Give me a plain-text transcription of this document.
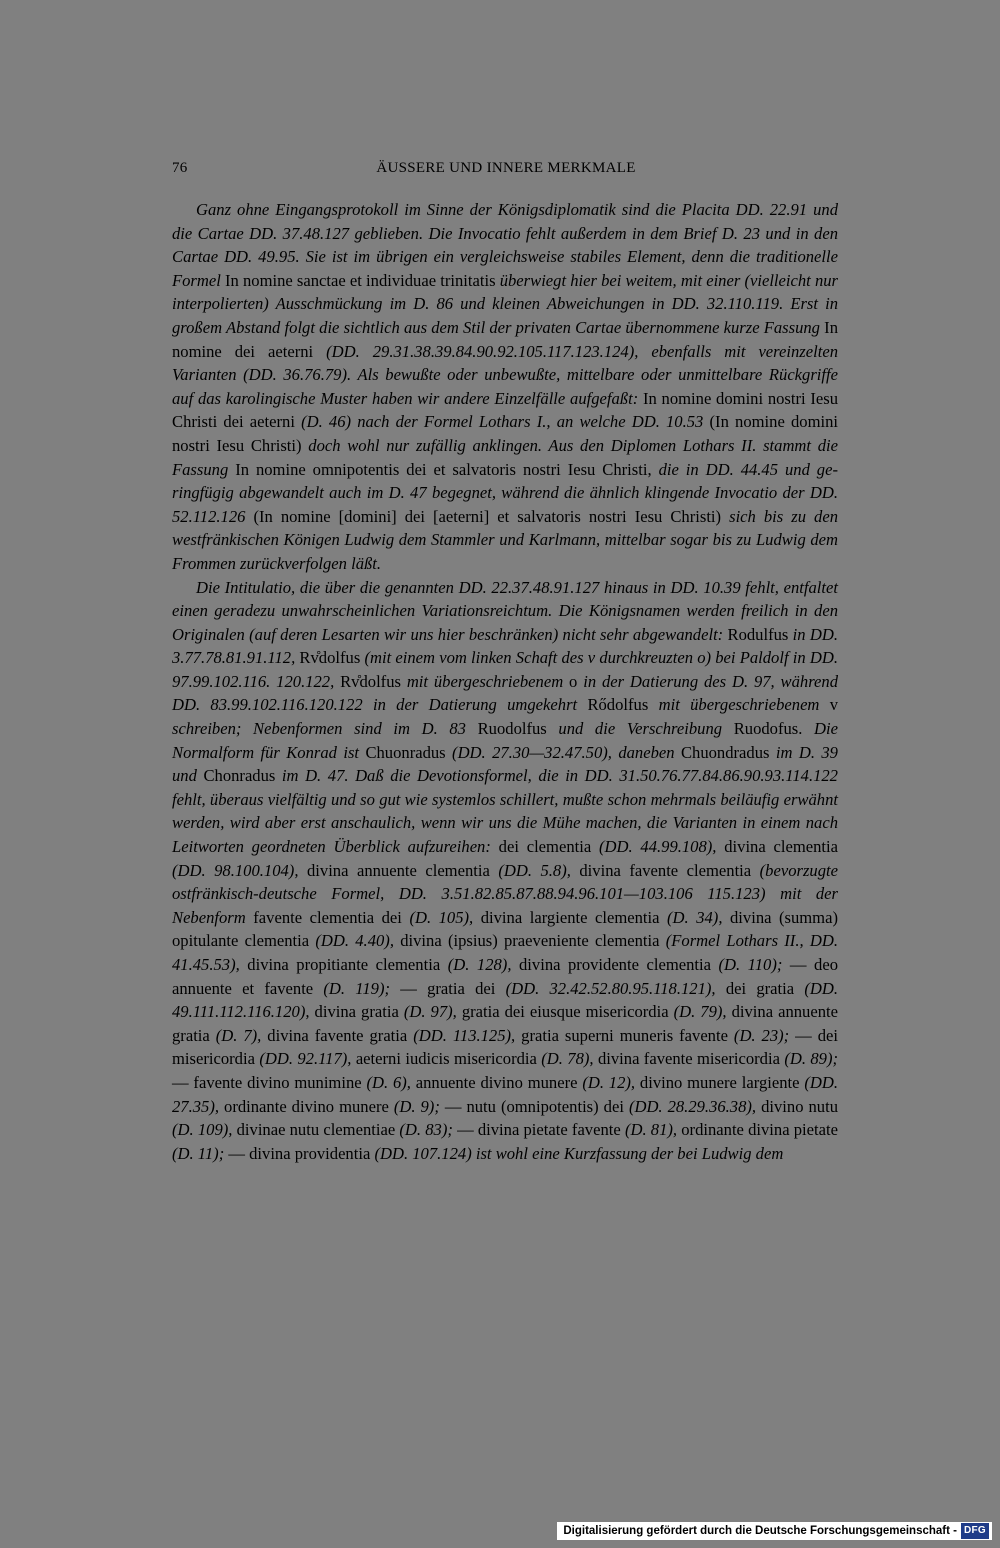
76	ÄUSSERE UND INNERE MERKMALE

Ganz ohne Eingangsprotokoll im Sinne der Königsdiplomatik sind die Placita DD. 22.91 und die Cartae DD. 37.48.127 geblieben. Die Invocatio fehlt außerdem in dem Brief D. 23 und in den Cartae DD. 49.95. Sie ist im übrigen ein vergleichsweise stabiles Element, denn die traditionelle Formel In nomine sanctae et individuae trinitatis überwiegt hier bei weitem, mit einer (vielleicht nur interpolierten) Ausschmückung im D. 86 und kleinen Abweichungen in DD. 32.110.119. Erst in großem Abstand folgt die sichtlich aus dem Stil der privaten Cartae übernommene kurze Fassung In nomine dei aeterni (DD. 29.31.38.39.84.90.92.105.117.123.124), ebenfalls mit vereinzelten Varianten (DD. 36.76.79). Als bewußte oder unbewußte, mittelbare oder unmittelbare Rückgriffe auf das karolingische Muster haben wir andere Einzelfälle aufgefaßt: In nomine domini nostri Iesu Christi dei aeterni (D. 46) nach der Formel Lothars I., an welche DD. 10.53 (In nomine domini nostri Iesu Christi) doch wohl nur zufällig anklingen. Aus den Diplomen Lothars II. stammt die Fassung In nomine omnipotentis dei et salvatoris nostri Iesu Christi, die in DD. 44.45 und geringfügig abgewandelt auch im D. 47 begegnet, während die ähnlich klingende Invocatio der DD. 52.112.126 (In nomine [domini] dei [aeterni] et salvatoris nostri Iesu Christi) sich bis zu den westfränkischen Königen Ludwig dem Stammler und Karlmann, mittelbar sogar bis zu Ludwig dem Frommen zurückverfolgen läßt.

Die Intitulatio, die über die genannten DD. 22.37.48.91.127 hinaus in DD. 10.39 fehlt, entfaltet einen geradezu unwahrscheinlichen Variationsreichtum. Die Königsnamen werden freilich in den Originalen (auf deren Lesarten wir uns hier beschränken) nicht sehr abgewandelt: Rodulfus in DD. 3.77.78.81.91.112, Rv̊dolfus (mit einem vom linken Schaft des v durchkreuzten o) bei Paldolf in DD. 97.99.102.116. 120.122, Rv̊dolfus mit übergeschriebenem o in der Datierung des D. 97, während DD. 83.99.102.116.120.122 in der Datierung umgekehrt Rődolfus mit übergeschriebenem v schreiben; Nebenformen sind im D. 83 Ruodolfus und die Verschreibung Ruodofus. Die Normalform für Konrad ist Chuonradus (DD. 27.30—32.47.50), daneben Chuondradus im D. 39 und Chonradus im D. 47. Daß die Devotionsformel, die in DD. 31.50.76.77.84.86.90.93.114.122 fehlt, überaus vielfältig und so gut wie systemlos schillert, mußte schon mehrmals beiläufig erwähnt werden, wird aber erst anschaulich, wenn wir uns die Mühe machen, die Varianten in einem nach Leitworten geordneten Überblick aufzureihen: dei clementia (DD. 44.99.108), divina clementia (DD. 98.100.104), divina annuente clementia (DD. 5.8), divina favente clementia (bevorzugte ostfränkisch-deutsche Formel, DD. 3.51.82.85.87.88.94.96.101—103.106 115.123) mit der Nebenform favente clementia dei (D. 105), divina largiente clementia (D. 34), divina (summa) opitulante clementia (DD. 4.40), divina (ipsius) praeveniente clementia (Formel Lothars II., DD. 41.45.53), divina propitiante clementia (D. 128), divina providente clementia (D. 110); — deo annuente et favente (D. 119); — gratia dei (DD. 32.42.52.80.95.118.121), dei gratia (DD. 49.111.112.116.120), divina gratia (D. 97), gratia dei eiusque misericordia (D. 79), divina annuente gratia (D. 7), divina favente gratia (DD. 113.125), gratia superni muneris favente (D. 23); — dei misericordia (DD. 92.117), aeterni iudicis misericordia (D. 78), divina favente misericordia (D. 89); — favente divino munimine (D. 6), annuente divino munere (D. 12), divino munere largiente (DD. 27.35), ordinante divino munere (D. 9); — nutu (omnipotentis) dei (DD. 28.29.36.38), divino nutu (D. 109), divinae nutu clementiae (D. 83); — divina pietate favente (D. 81), ordinante divina pietate (D. 11); — divina providentia (DD. 107.124) ist wohl eine Kurzfassung der bei Ludwig dem

Digitalisierung gefördert durch die Deutsche Forschungsgemeinschaft - DFG
